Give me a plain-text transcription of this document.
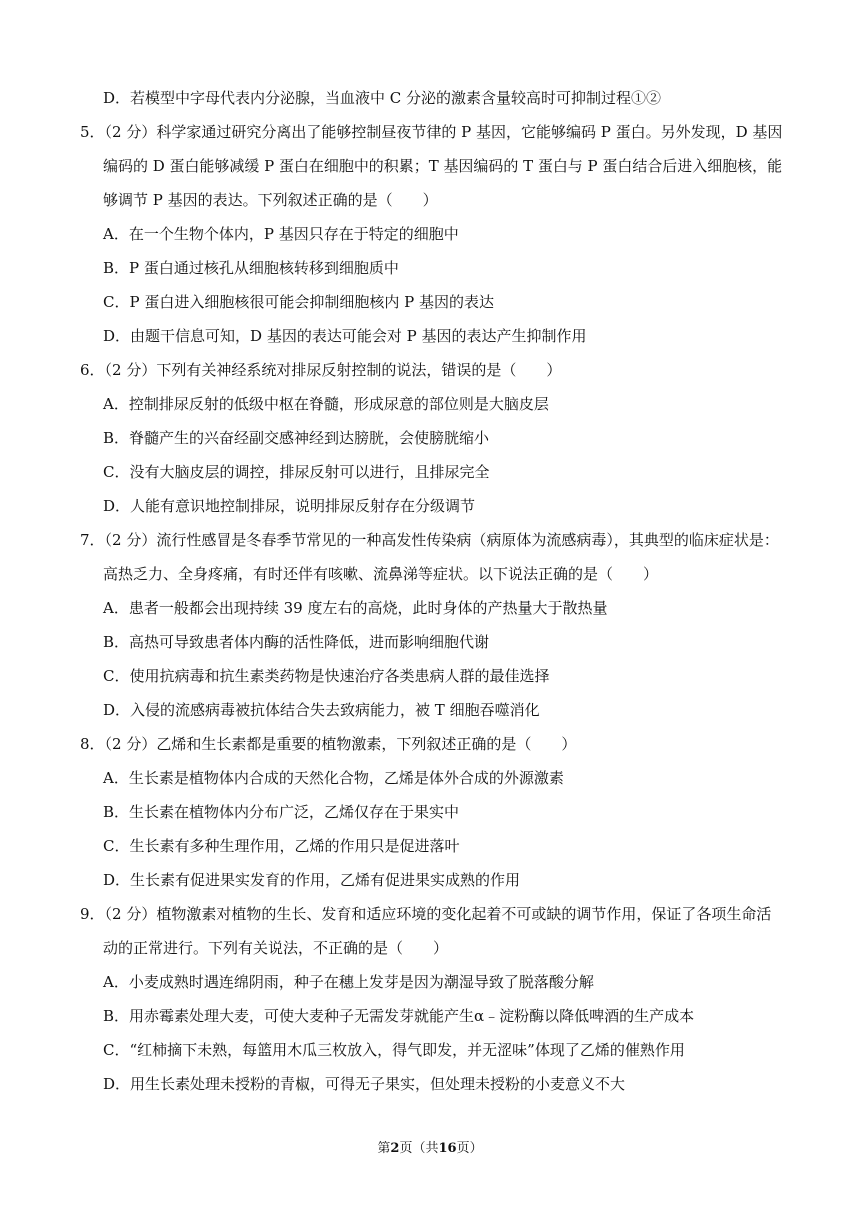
D．若模型中字母代表内分泌腺，当血液中 C 分泌的激素含量较高时可抑制过程①②
5．（2 分）科学家通过研究分离出了能够控制昼夜节律的 P 基因，它能够编码 P 蛋白。另外发现，D 基因
编码的 D 蛋白能够减缓 P 蛋白在细胞中的积累；T 基因编码的 T 蛋白与 P 蛋白结合后进入细胞核，能
够调节 P 基因的表达。下列叙述正确的是（　　）
A．在一个生物个体内，P 基因只存在于特定的细胞中
B．P 蛋白通过核孔从细胞核转移到细胞质中
C．P 蛋白进入细胞核很可能会抑制细胞核内 P 基因的表达
D．由题干信息可知，D 基因的表达可能会对 P 基因的表达产生抑制作用
6．（2 分）下列有关神经系统对排尿反射控制的说法，错误的是（　　）
A．控制排尿反射的低级中枢在脊髓，形成尿意的部位则是大脑皮层
B．脊髓产生的兴奋经副交感神经到达膀胱，会使膀胱缩小
C．没有大脑皮层的调控，排尿反射可以进行，且排尿完全
D．人能有意识地控制排尿，说明排尿反射存在分级调节
7．（2 分）流行性感冒是冬春季节常见的一种高发性传染病（病原体为流感病毒），其典型的临床症状是：
高热乏力、全身疼痛，有时还伴有咳嗽、流鼻涕等症状。以下说法正确的是（　　）
A．患者一般都会出现持续 39 度左右的高烧，此时身体的产热量大于散热量
B．高热可导致患者体内酶的活性降低，进而影响细胞代谢
C．使用抗病毒和抗生素类药物是快速治疗各类患病人群的最佳选择
D．入侵的流感病毒被抗体结合失去致病能力，被 T 细胞吞噬消化
8．（2 分）乙烯和生长素都是重要的植物激素，下列叙述正确的是（　　）
A．生长素是植物体内合成的天然化合物，乙烯是体外合成的外源激素
B．生长素在植物体内分布广泛，乙烯仅存在于果实中
C．生长素有多种生理作用，乙烯的作用只是促进落叶
D．生长素有促进果实发育的作用，乙烯有促进果实成熟的作用
9．（2 分）植物激素对植物的生长、发育和适应环境的变化起着不可或缺的调节作用，保证了各项生命活
动的正常进行。下列有关说法，不正确的是（　　）
A．小麦成熟时遇连绵阴雨，种子在穗上发芽是因为潮湿导致了脱落酸分解
B．用赤霉素处理大麦，可使大麦种子无需发芽就能产生α﹣淀粉酶以降低啤酒的生产成本
C．“红柿摘下未熟，每篮用木瓜三枚放入，得气即发，并无涩味”体现了乙烯的催熟作用
D．用生长素处理未授粉的青椒，可得无子果实，但处理未授粉的小麦意义不大
第2页（共16页）
